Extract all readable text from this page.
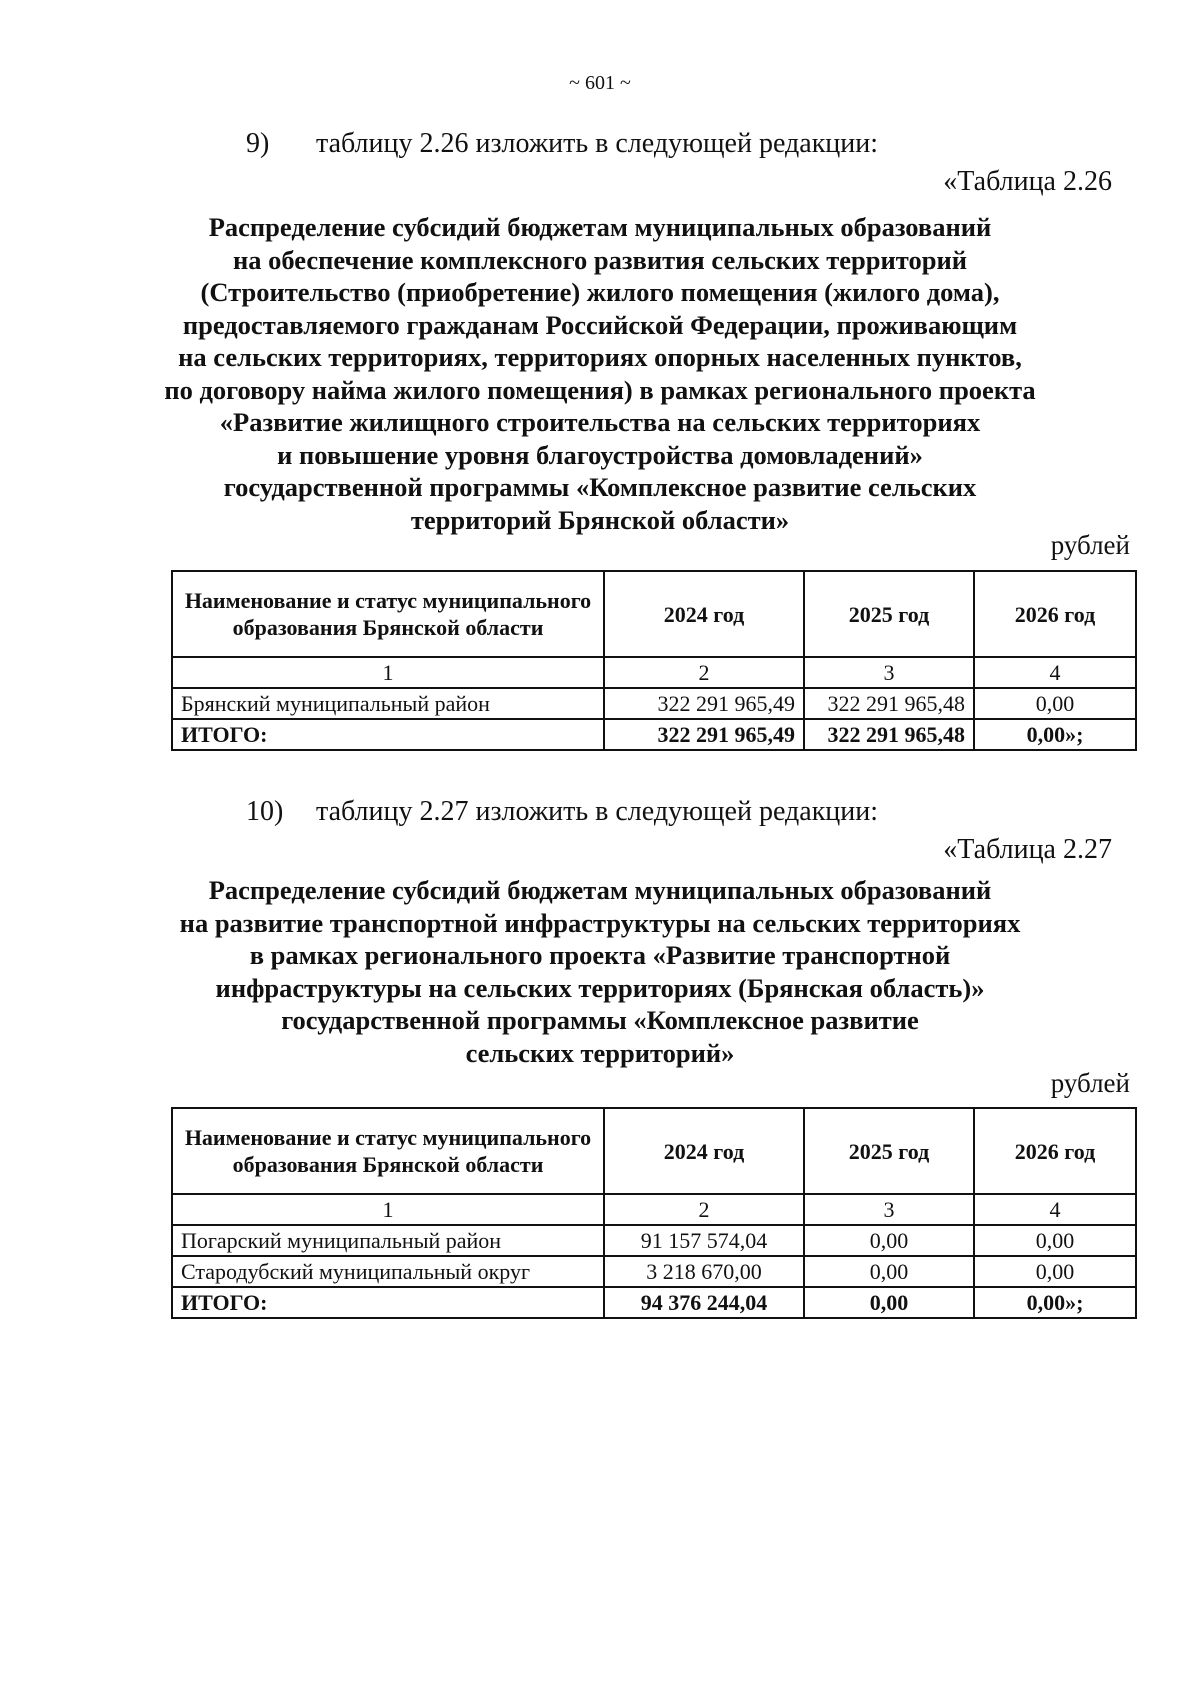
~ 601 ~
9) таблицу 2.26 изложить в следующей редакции:
«Таблица 2.26
Распределение субсидий бюджетам муниципальных образований
на обеспечение комплексного развития сельских территорий
(Строительство (приобретение) жилого помещения (жилого дома),
предоставляемого гражданам Российской Федерации, проживающим
на сельских территориях, территориях опорных населенных пунктов,
по договору найма жилого помещения) в рамках регионального проекта
«Развитие жилищного строительства на сельских территориях
и повышение уровня благоустройства домовладений»
государственной программы «Комплексное развитие сельских
территорий Брянской области»
рублей
Наименование и статус муниципального образования Брянской области	2024 год	2025 год	2026 год
1	2	3	4
Брянский муниципальный район	322 291 965,49	322 291 965,48	0,00
ИТОГО:	322 291 965,49	322 291 965,48	0,00»;
10) таблицу 2.27 изложить в следующей редакции:
«Таблица 2.27
Распределение субсидий бюджетам муниципальных образований
на развитие транспортной инфраструктуры на сельских территориях
в рамках регионального проекта «Развитие транспортной
инфраструктуры на сельских территориях (Брянская область)»
государственной программы «Комплексное развитие
сельских территорий»
рублей
Наименование и статус муниципального образования Брянской области	2024 год	2025 год	2026 год
1	2	3	4
Погарский муниципальный район	91 157 574,04	0,00	0,00
Стародубский муниципальный округ	3 218 670,00	0,00	0,00
ИТОГО:	94 376 244,04	0,00	0,00»;
